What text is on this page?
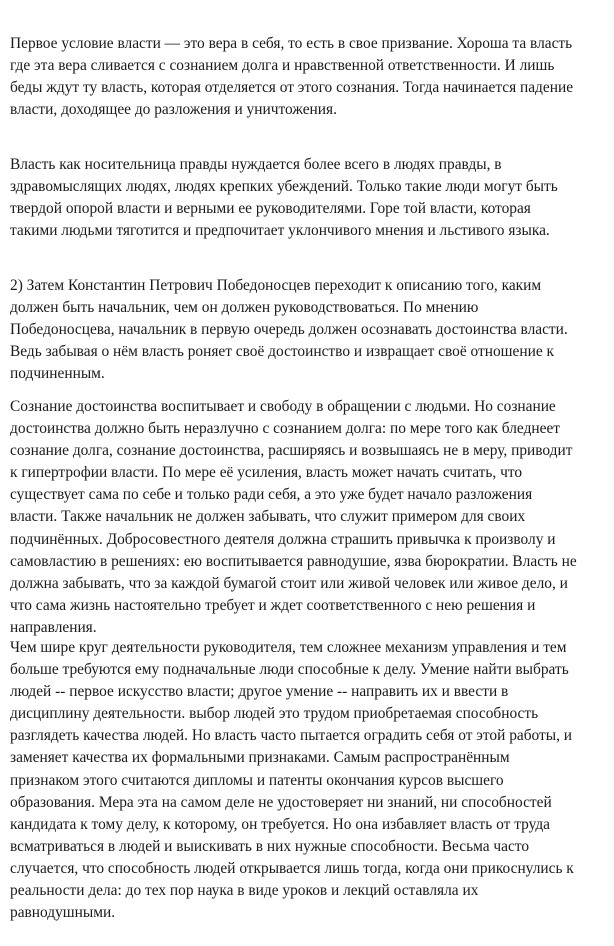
Первое условие власти — это вера в себя, то есть в свое призвание. Хороша та власть
где эта вера сливается с сознанием долга и нравственной ответственности. И лишь
беды ждут ту власть, которая отделяется от этого сознания. Тогда начинается падение
власти, доходящее до разложения и уничтожения.

Власть как носительница правды нуждается более всего в людях правды, в
здравомыслящих людях, людях крепких убеждений. Только такие люди могут быть
твердой опорой власти и верными ее руководителями. Горе той власти, которая
такими людьми тяготится и предпочитает уклончивого мнения и льстивого языка.

2) Затем Константин Петрович Победоносцев переходит к описанию того, каким
должен быть начальник, чем он должен руководствоваться. По мнению
Победоносцева, начальник в первую очередь должен осознавать достоинства власти.
Ведь забывая о нём власть роняет своё достоинство и извращает своё отношение к
подчиненным.

Сознание достоинства воспитывает и свободу в обращении с людьми. Но сознание
достоинства должно быть неразлучно с сознанием долга: по мере того как бледнеет
сознание долга, сознание достоинства, расширяясь и возвышаясь не в меру, приводит
к гипертрофии власти. По мере её усиления, власть может начать считать, что
существует сама по себе и только ради себя, а это уже будет начало разложения
власти. Также начальник не должен забывать, что служит примером для своих
подчинённых. Добросовестного деятеля должна страшить привычка к произволу и
самовластию в решениях: ею воспитывается равнодушие, язва бюрократии. Власть не
должна забывать, что за каждой бумагой стоит или живой человек или живое дело, и
что сама жизнь настоятельно требует и ждет соответственного с нею решения и
направления.

Чем шире круг деятельности руководителя, тем сложнее механизм управления и тем
больше требуются ему подначальные люди способные к делу. Умение найти выбрать
людей -- первое искусство власти; другое умение -- направить их и ввести в
дисциплину деятельности. выбор людей это трудом приобретаемая способность
разглядеть качества людей. Но власть часто пытается оградить себя от этой работы, и
заменяет качества их формальными признаками. Самым распространённым
признаком этого считаются дипломы и патенты окончания курсов высшего
образования. Мера эта на самом деле не удостоверяет ни знаний, ни способностей
кандидата к тому делу, к которому, он требуется. Но она избавляет власть от труда
всматриваться в людей и выискивать в них нужные способности. Весьма часто
случается, что способность людей открывается лишь тогда, когда они прикоснулись к
реальности дела: до тех пор наука в виде уроков и лекций оставляла их
равнодушными.
